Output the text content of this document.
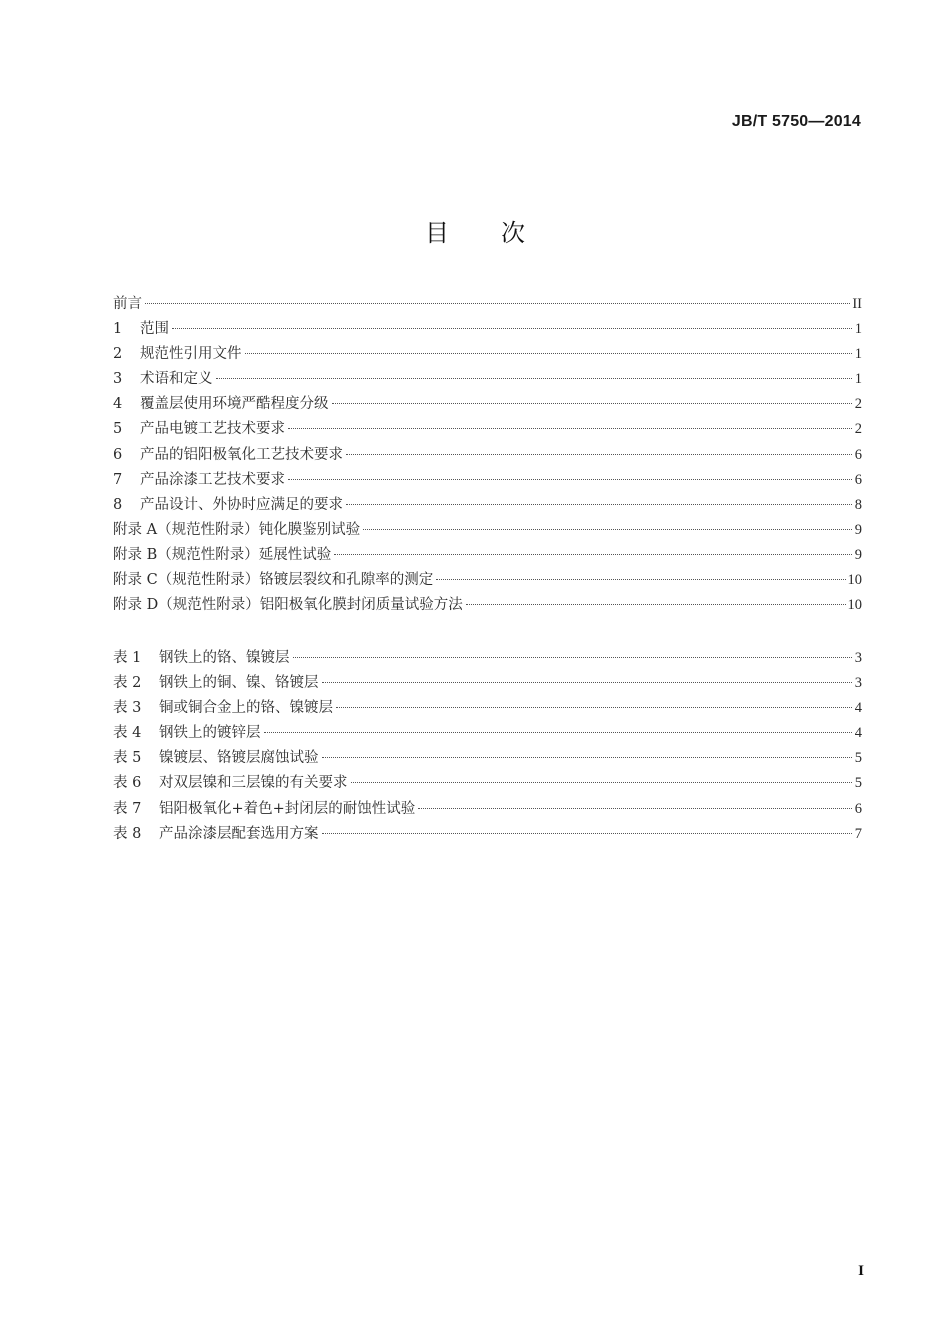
JB/T 5750—2014
目次
前言	II
1	范围	1
2	规范性引用文件	1
3	术语和定义	1
4	覆盖层使用环境严酷程度分级	2
5	产品电镀工艺技术要求	2
6	产品的铝阳极氧化工艺技术要求	6
7	产品涂漆工艺技术要求	6
8	产品设计、外协时应满足的要求	8
附录 A（规范性附录）钝化膜鉴别试验	9
附录 B（规范性附录）延展性试验	9
附录 C（规范性附录）铬镀层裂纹和孔隙率的测定	10
附录 D（规范性附录）铝阳极氧化膜封闭质量试验方法	10
表 1	钢铁上的铬、镍镀层	3
表 2	钢铁上的铜、镍、铬镀层	3
表 3	铜或铜合金上的铬、镍镀层	4
表 4	钢铁上的镀锌层	4
表 5	镍镀层、铬镀层腐蚀试验	5
表 6	对双层镍和三层镍的有关要求	5
表 7	铝阳极氧化+着色+封闭层的耐蚀性试验	6
表 8	产品涂漆层配套选用方案	7
I
